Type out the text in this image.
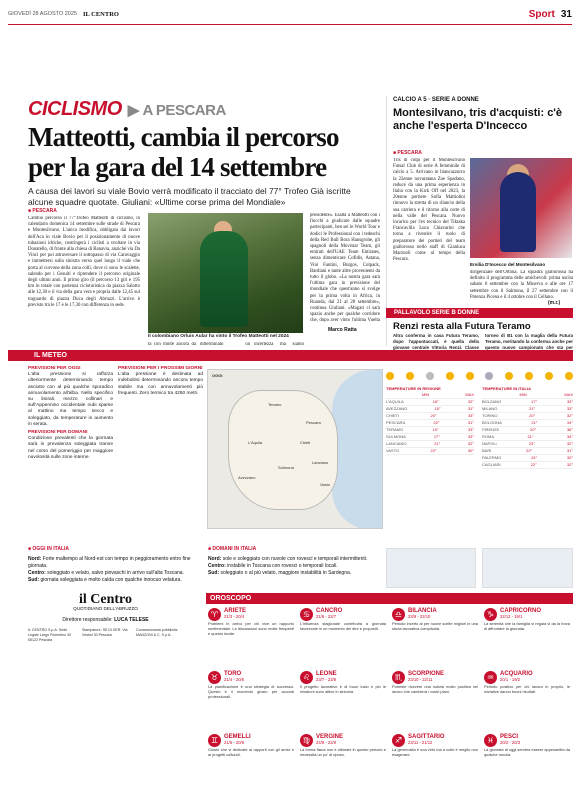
GIOVEDÌ 28 AGOSTO 2025 IL CENTRO	Sport 31
CICLISMO ▶ A PESCARA
Matteotti, cambia il percorso per la gara del 14 settembre
A causa dei lavori su viale Bovio verrà modificato il tracciato del 77° Trofeo Già iscritte alcune squadre quotate. Giuliani: «Ultime corse prima del Mondiale»
■ PESCARA
Cambio percorso il 77°Trofeo Matteotti di ciclismo, in calendario domenica 14 settembre sulle strade di Pescara e Montesilvano. L'unica modifica, obbligata dai lavori dell'Aca in viale Bovio per il posizionamento di nuove tubazioni idriche, costringerà i ciclisti a svoltare in via Donatello, di fronte alla chiesa di Banavia, anziché via Da Vinci per poi attraversare il sottopasso di via Caravaggio e immettersi sulla sinistra verso quel lungo il viale che porta al curvone della zona colli, dove ci sono le scalette, salendo per i Gesuiti e riprendere il percorso originale degli ultimi anni. Il primo giro (il percorso 13 giri e 195 km in totale con partenza cicloturistica da piazza Salotto alle 12,30 e il via della gara vera e propria dalle 12,45 sul traguardo di piazza Duca degli Abruzzi. L'arrivo è previsto tra le 17 e le 17,30 con differenza in sede.
Il colombiano Orluis Aular ha vinto il Trofeo Matteotti nel 2024
ta con molte ancora da ditterminato un incertezza ma siamo
presidente». Esaltà a Matteotti con i fiocchi a giudicare dalle squadre partecipanti, ben sei le World Tour e dodici le Professional con i tedeschi della Red Bull Bora Hansgrohe, gli spagnoli della Movistar Team, gli emirati dell'UAE Team Emirates, senza dimenticare Cofidis, Astana, Vini Fantini, Burgos, Colpack, Bardiani e tante altre provenienti da tutto il globo. «La nostra gara sarà l'ultima gara in previsione del mondiale che quest'anno si svolge per la prima volta in Africa, in Ruanda, dal 21 al 28 settembre», continua Giuliani. «Magari ci sarà spazio anche per qualche corridore che, dopo aver vinto l'ultima Vuelta
Marco Ratta
CALCIO A 5 · SERIE A DONNE
Montesilvano, tris d'acquisti: c'è anche l'esperta D'Incecco
■ PESCARA
Tris di colpi per il Montesilvano Futsal Club di serie A femminile di calcio a 5. Arrivano in biancazzurro la 22enne novaratana Zoe Spadano, reduce da una prima esperienza in Italia con la Kick Off nel 2023, la 20enne portiere Sofia Mattiolini rinnovo la stretta di un rilancio della sua carriera e il ritorno alla corte di nella valle del Pescara. Nuovo incarico per l'ex tecnico del Tiktaka Francavilla Luca Chiavarini che torna a rivestire il ruolo di preparatore dei portieri del team giallorosso nello staff di Gianluca Marzuoli come al tempo della Pescara.
Ersilia D'Incecco del Montesilvano
dirigenziale dell'Ortona. La squadra giallorossa ha definito il programma delle amichevoli: prima uscita sabato 6 settembre con la Minerva e alle ore 17 settembre con il Salmona, il 27 settembre con il Potenza Picena e il 4 ottobre con il Cellano.
(m.r.)
PALLAVOLO SERIE B DONNE
Renzi resta alla Futura Teramo
Altra conferma in casa Futura Teramo, dopo l'appuntaccati, è quella della giovane centrale Vittoria Renzi. Classe
torneo di B1 con la maglia della Futura Teramo, meritando la conferma anche per questo nuovo campionato che sta per
IL METEO
PREVISIONI PER OGGI
L'alta pressione si rafforza ulteriormente determinando tempo asciutto con al più qualche sporadico annuvolamento all'alba. Nello specifico su litorali, mezzo collinari e sull'Appennino occidentale nubi sparse al mattino ma tempo secco e soleggiato, da temperature in aumento in serata.
PREVISIONI PER DOMANI
Condizione prevalenti che la giornata sarà in prevalenza soleggiata tranne nel corso del pomeriggio per maggiore nuvolosità sulle zone interne.
PREVISIONI PER I PROSSIMI GIORNI
L'alta pressione è destinata ad indebolirsi determinando ancora tempo stabile ma con annuvolamenti più frequenti. Zero termico tra 4250 metri.
OGGI
Pescara
Chieti
Teramo
L'Aquila
Sulmona
Avezzano
Vasto
Lanciano
TEMPERATURE IN REGIONE
MIN	MAX
L'AQUILA	16°	32°
AVEZZANO	15°	31°
CHIETI	20°	33°
PESCARA	22°	31°
TERAMO	19°	33°
SULMONA	17°	33°
LANCIANO	21°	32°
VASTO	22°	30°
TEMPERATURE IN ITALIA
MIN	MAX
BOLZANO	17°	33°
MILANO	21°	33°
TORINO	20°	32°
BOLOGNA	21°	34°
FIRENZE	20°	36°
ROMA	21°	34°
NAPOLI	23°	32°
BARI	22°	31°
PALERMO	24°	30°
CAGLIARI	22°	32°
■ OGGI IN ITALIA	■ DOMANI IN ITALIA
Nord: Forte maltempo al Nord-est con tempo in peggioramento entro fine giornata.
Centro: soleggiato e velato, salvo piovaschi in arrivo sull'alta Toscana.
Sud: giornata soleggiata e molto calda con qualche innocuo velatura.
Nord: sole e soleggiato con nuvole con rovesci e temporali intermittenti.
Centro: instabile in Toscana con rovesci o temporali locali.
Sud: soleggiato o al più velato, maggiore instabilità in Sardegna.
il Centro
QUOTIDIANO DELL'ABRUZZO
Direttore responsabile: LUCA TELESE
IL CENTRO S.p.A. Sede Legale Largo Florentino 30 65122 Pescara
Stampatore: SE.DI.SER. Via Vestini 30 Pescara
Concessionaria pubblicità: MANZONI & C. S.p.A.
OROSCOPO
♈ ARIETE
21/3 - 20/4
Problemi in arrivo per chi vive un rapporto sentimentale. Le discussioni sono molte frequenti e questo incide.
♋ CANCRO
21/6 - 22/7
L'influenza stagionale contribuirà a giornata favorevole in un momento del dire e propositi.
♎ BILANCIA
23/9 - 22/10
Periodo incerto ai per nuove scelte migliori in una storia lavorativa complicata.
♑ CAPRICORNO
22/12 - 19/1
La serenità che la famiglia vi regala vi da la forza di affrontare la giornata.
♉ TORO
21/4 - 20/5
La pianificazione è una strategia di successo. Questo è il momento giusto per accordi professionali.
♌ LEONE
23/7 - 23/8
Il progetto lavorativo è di buon lusto e più le relazioni sono attive in sintonia.
♏ SCORPIONE
23/10 - 22/11
Potreste ricevere una notizia molto positiva nel lavoro che cambierà i vostri piani.
♒ ACQUARIO
20/1 - 19/2
Periodo positivo per chi lavora in proprio, le iniziative danno buoni risultati.
♊ GEMELLI
21/5 - 20/6
Giusto che vi dedicate ai rapporti con gli amici e ai progetti culturali.
♍ VERGINE
24/8 - 22/9
La forma fisica non è ottimale in questo periodo e necessita un po' di riposo.
♐ SAGITTARIO
23/11 - 21/12
La generosità è una virtù ma a volte è meglio non esagerare.
♓ PESCI
20/2 - 20/3
La giornata di oggi sembra essere appesantita da qualche nuvola.
